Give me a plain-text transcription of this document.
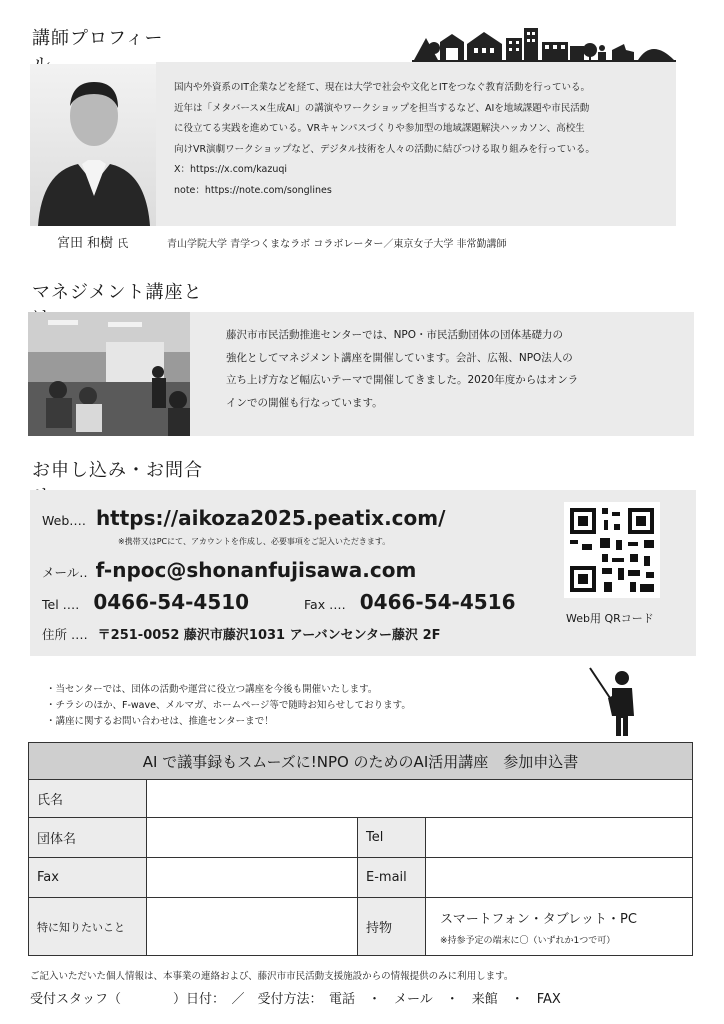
講師プロフィー

国内や外資系のIT企業などを経て、現在は大学で社会や文化とITをつなぐ教育活動を行っている。

近年は「メタバース×生成AI」の講演やワークショップを担当するなど、AIを地域課題や市民活動

に役立てる実践を進めている。VRキャンパスづくりや参加型の地域課題解決ハッカソン、高校生

向けVR演劇ワークショップなど、デジタル技術を人々の活動に結びつける取り組みを行っている。

X：https://x.com/kazuqi

note：https://note.com/songlines

宮田 和樹 氏	青山学院大学 青学つくまなラボ コラボレーター／東京女子大学 非常勤講師
マネジメント講座と

藤沢市市民活動推進センターでは、NPO・市民活動団体の団体基礎力の

強化としてマネジメント講座を開催しています。会計、広報、NPO法人の

立ち上げ方など幅広いテーマで開催してきました。2020年度からはオンラ

インでの開催も行なっています。

お申し込み・お問合
Web‥‥ https://aikoza2025.peatix.com/
※携帯又はPCにて、アカウントを作成し、必要事項をご記入いただきます。
メール‥ f-npoc@shonanfujisawa.com
Tel ‥‥ 0466-54-4510	Fax ‥‥ 0466-54-4516
住所 ‥‥ 〒251-0052 藤沢市藤沢1031 アーバンセンター藤沢 2F
Web用 QRコード

・当センターでは、団体の活動や運営に役立つ講座を今後も開催いたします。

・チラシのほか、F-wave、メルマガ、ホームページ等で随時お知らせしております。

・講座に関するお問い合わせは、推進センターまで！

AI で議事録もスムーズに!NPO のためのAI活用講座　参加申込書			
氏名			
団体名		Tel	
Fax		E-mail	
特に知りたいこと		持物	スマートフォン・タブレット・PC
※持参予定の端末に〇（いずれか1つで可）
ご記入いただいた個人情報は、本事業の連絡および、藤沢市市民活動支援施設からの情報提供のみに利用します。
受付スタッフ（　　　　）日付：　／　受付方法：　電話　・　メール　・　来館　・　FAX
